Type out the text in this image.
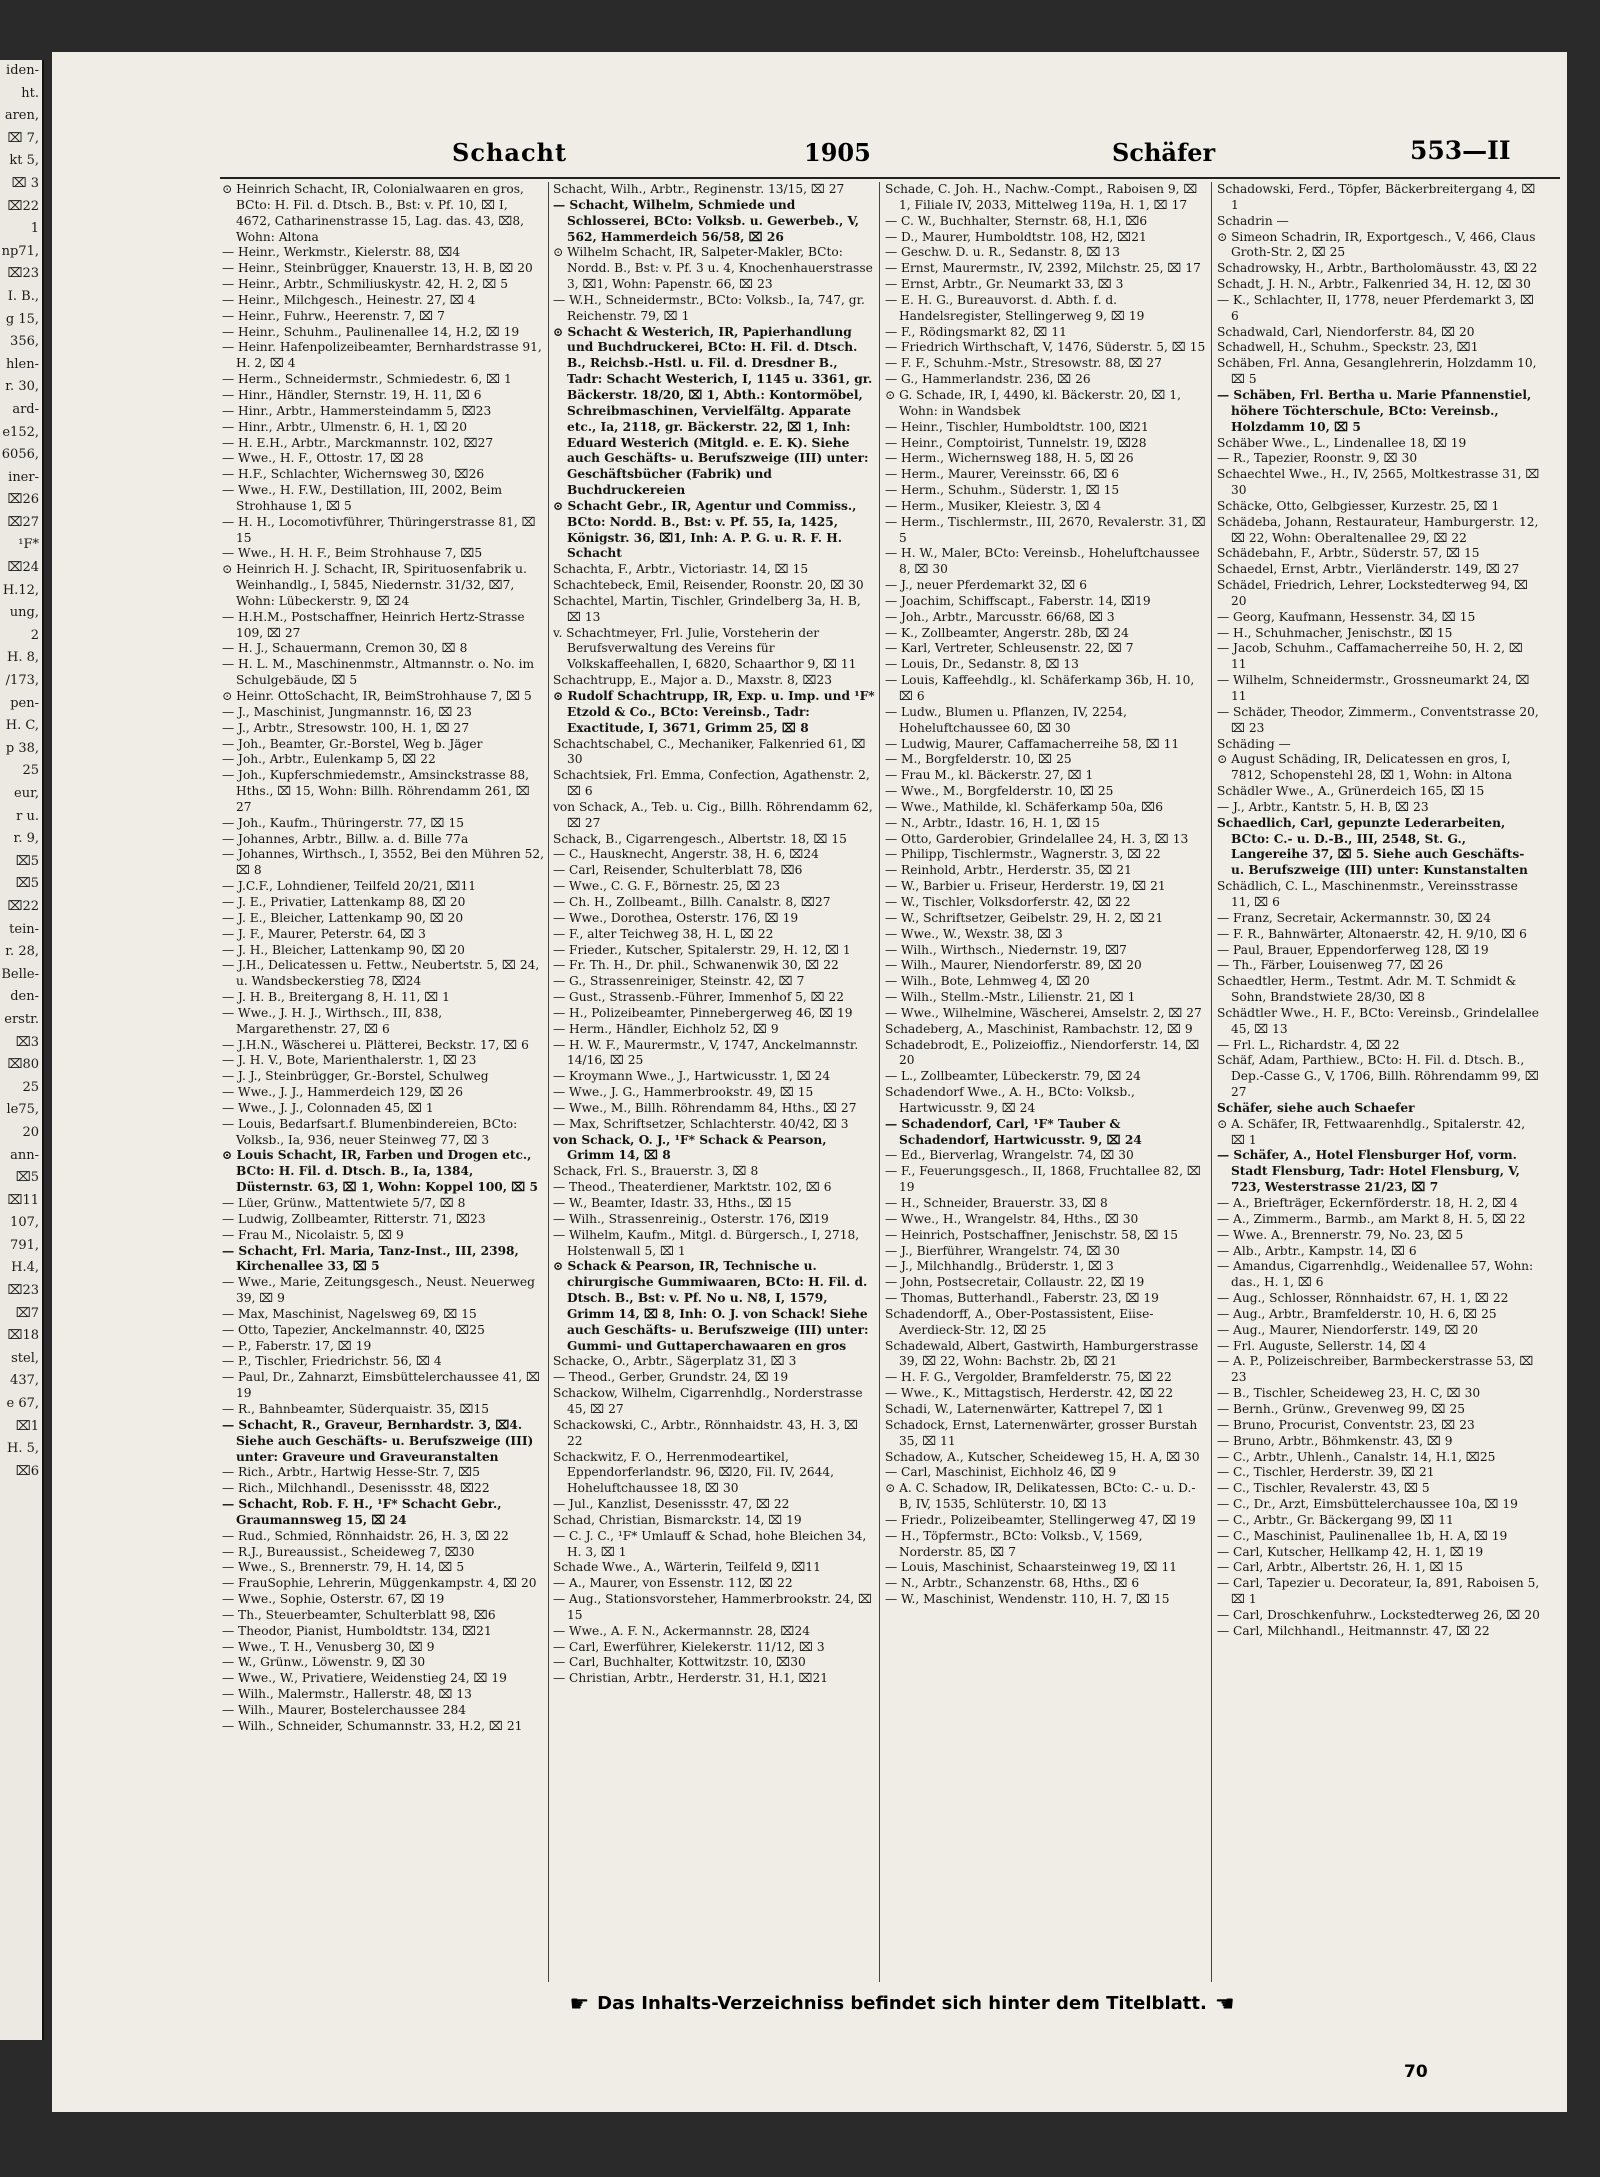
iden-
ht.
aren,
⌧ 7,
kt 5,
⌧ 3
⌧22
1
np71,
⌧23
I. B.,
g 15,
356,
hlen-
r. 30,
ard-
e152,
6056,
iner-
⌧26
⌧27
¹F*
⌧24
H.12,
ung,
2
H. 8,
/173,
pen-
H. C,
p 38,
25
eur,
r u.
r. 9,
⌧5
⌧5
⌧22
tein-
r. 28,
Belle-
den-
erstr.
⌧3
⌧80
25
le75,
20
ann-
⌧5
⌧11
107,
791,
H.4,
⌧23
⌧7
⌧18
stel,
437,
e 67,
⌧1
H. 5,
⌧6
Schacht	1905	Schäfer	553—II
⊙ Heinrich Schacht, IR, Colonialwaaren en gros, BCto: H. Fil. d. Dtsch. B., Bst: v. Pf. 10, ⌧ I, 4672, Catharinenstrasse 15, Lag. das. 43, ⌧8, Wohn: Altona
— Heinr., Werkmstr., Kielerstr. 88, ⌧4
— Heinr., Steinbrügger, Knauerstr. 13, H. B, ⌧ 20
— Heinr., Arbtr., Schmiliuskystr. 42, H. 2, ⌧ 5
— Heinr., Milchgesch., Heinestr. 27, ⌧ 4
— Heinr., Fuhrw., Heerenstr. 7, ⌧ 7
— Heinr., Schuhm., Paulinenallee 14, H.2, ⌧ 19
— Heinr. Hafenpolizeibeamter, Bernhardstrasse 91, H. 2, ⌧ 4
— Herm., Schneidermstr., Schmiedestr. 6, ⌧ 1
— Hinr., Händler, Sternstr. 19, H. 11, ⌧ 6
— Hinr., Arbtr., Hammersteindamm 5, ⌧23
— Hinr., Arbtr., Ulmenstr. 6, H. 1, ⌧ 20
— H. E.H., Arbtr., Marckmannstr. 102, ⌧27
— Wwe., H. F., Ottostr. 17, ⌧ 28
— H.F., Schlachter, Wichernsweg 30, ⌧26
— Wwe., H. F.W., Destillation, III, 2002, Beim Strohhause 1, ⌧ 5
— H. H., Locomotivführer, Thüringerstrasse 81, ⌧ 15
— Wwe., H. H. F., Beim Strohhause 7, ⌧5
⊙ Heinrich H. J. Schacht, IR, Spirituosenfabrik u. Weinhandlg., I, 5845, Niedernstr. 31/32, ⌧7, Wohn: Lübeckerstr. 9, ⌧ 24
— H.H.M., Postschaffner, Heinrich Hertz-Strasse 109, ⌧ 27
— H. J., Schauermann, Cremon 30, ⌧ 8
— H. L. M., Maschinenmstr., Altmannstr. o. No. im Schulgebäude, ⌧ 5
⊙ Heinr. OttoSchacht, IR, BeimStrohhause 7, ⌧ 5
— J., Maschinist, Jungmannstr. 16, ⌧ 23
— J., Arbtr., Stresowstr. 100, H. 1, ⌧ 27
— Joh., Beamter, Gr.-Borstel, Weg b. Jäger
— Joh., Arbtr., Eulenkamp 5, ⌧ 22
— Joh., Kupferschmiedemstr., Amsinckstrasse 88, Hths., ⌧ 15, Wohn: Billh. Röhrendamm 261, ⌧ 27
— Joh., Kaufm., Thüringerstr. 77, ⌧ 15
— Johannes, Arbtr., Billw. a. d. Bille 77a
— Johannes, Wirthsch., I, 3552, Bei den Mühren 52, ⌧ 8
— J.C.F., Lohndiener, Teilfeld 20/21, ⌧11
— J. E., Privatier, Lattenkamp 88, ⌧ 20
— J. E., Bleicher, Lattenkamp 90, ⌧ 20
— J. F., Maurer, Peterstr. 64, ⌧ 3
— J. H., Bleicher, Lattenkamp 90, ⌧ 20
— J.H., Delicatessen u. Fettw., Neubertstr. 5, ⌧ 24, u. Wandsbeckerstieg 78, ⌧24
— J. H. B., Breitergang 8, H. 11, ⌧ 1
— Wwe., J. H. J., Wirthsch., III, 838, Margarethenstr. 27, ⌧ 6
— J.H.N., Wäscherei u. Plätterei, Beckstr. 17, ⌧ 6
— J. H. V., Bote, Marienthalerstr. 1, ⌧ 23
— J. J., Steinbrügger, Gr.-Borstel, Schulweg
— Wwe., J. J., Hammerdeich 129, ⌧ 26
— Wwe., J. J., Colonnaden 45, ⌧ 1
— Louis, Bedarfsart.f. Blumenbindereien, BCto: Volksb., Ia, 936, neuer Steinweg 77, ⌧ 3
⊙ Louis Schacht, IR, Farben und Drogen etc., BCto: H. Fil. d. Dtsch. B., Ia, 1384, Düsternstr. 63, ⌧ 1, Wohn: Koppel 100, ⌧ 5
— Lüer, Grünw., Mattentwiete 5/7, ⌧ 8
— Ludwig, Zollbeamter, Ritterstr. 71, ⌧23
— Frau M., Nicolaistr. 5, ⌧ 9
— Schacht, Frl. Maria, Tanz-Inst., III, 2398, Kirchenallee 33, ⌧ 5
— Wwe., Marie, Zeitungsgesch., Neust. Neuerweg 39, ⌧ 9
— Max, Maschinist, Nagelsweg 69, ⌧ 15
— Otto, Tapezier, Anckelmannstr. 40, ⌧25
— P., Faberstr. 17, ⌧ 19
— P., Tischler, Friedrichstr. 56, ⌧ 4
— Paul, Dr., Zahnarzt, Eimsbüttelerchaussee 41, ⌧ 19
— R., Bahnbeamter, Süderquaistr. 35, ⌧15
— Schacht, R., Graveur, Bernhardstr. 3, ⌧4. Siehe auch Geschäfts- u. Berufszweige (III) unter: Graveure und Graveuranstalten
— Rich., Arbtr., Hartwig Hesse-Str. 7, ⌧5
— Rich., Milchhandl., Desenissstr. 48, ⌧22
— Schacht, Rob. F. H., ¹F* Schacht Gebr., Graumannsweg 15, ⌧ 24
— Rud., Schmied, Rönnhaidstr. 26, H. 3, ⌧ 22
— R.J., Bureaussist., Scheideweg 7, ⌧30
— Wwe., S., Brennerstr. 79, H. 14, ⌧ 5
— FrauSophie, Lehrerin, Müggenkampstr. 4, ⌧ 20
— Wwe., Sophie, Osterstr. 67, ⌧ 19
— Th., Steuerbeamter, Schulterblatt 98, ⌧6
— Theodor, Pianist, Humboldtstr. 134, ⌧21
— Wwe., T. H., Venusberg 30, ⌧ 9
— W., Grünw., Löwenstr. 9, ⌧ 30
— Wwe., W., Privatiere, Weidenstieg 24, ⌧ 19
— Wilh., Malermstr., Hallerstr. 48, ⌧ 13
— Wilh., Maurer, Bostelerchaussee 284
— Wilh., Schneider, Schumannstr. 33, H.2, ⌧ 21
Schacht, Wilh., Arbtr., Reginenstr. 13/15, ⌧ 27
— Schacht, Wilhelm, Schmiede und Schlosserei, BCto: Volksb. u. Gewerbeb., V, 562, Hammerdeich 56/58, ⌧ 26
⊙ Wilhelm Schacht, IR, Salpeter-Makler, BCto: Nordd. B., Bst: v. Pf. 3 u. 4, Knochenhauerstrasse 3, ⌧1, Wohn: Papenstr. 66, ⌧ 23
— W.H., Schneidermstr., BCto: Volksb., Ia, 747, gr. Reichenstr. 79, ⌧ 1
⊙ Schacht & Westerich, IR, Papierhandlung und Buchdruckerei, BCto: H. Fil. d. Dtsch. B., Reichsb.-Hstl. u. Fil. d. Dresdner B., Tadr: Schacht Westerich, I, 1145 u. 3361, gr. Bäckerstr. 18/20, ⌧ 1, Abth.: Kontormöbel, Schreibmaschinen, Vervielfältg. Apparate etc., Ia, 2118, gr. Bäckerstr. 22, ⌧ 1, Inh: Eduard Westerich (Mitgld. e. E. K). Siehe auch Geschäfts- u. Berufszweige (III) unter: Geschäftsbücher (Fabrik) und Buchdruckereien
⊙ Schacht Gebr., IR, Agentur und Commiss., BCto: Nordd. B., Bst: v. Pf. 55, Ia, 1425, Königstr. 36, ⌧1, Inh: A. P. G. u. R. F. H. Schacht
Schachta, F., Arbtr., Victoriastr. 14, ⌧ 15
Schachtebeck, Emil, Reisender, Roonstr. 20, ⌧ 30
Schachtel, Martin, Tischler, Grindelberg 3a, H. B, ⌧ 13
v. Schachtmeyer, Frl. Julie, Vorsteherin der Berufsverwaltung des Vereins für Volkskaffeehallen, I, 6820, Schaarthor 9, ⌧ 11
Schachtrupp, E., Major a. D., Maxstr. 8, ⌧23
⊙ Rudolf Schachtrupp, IR, Exp. u. Imp. und ¹F* Etzold & Co., BCto: Vereinsb., Tadr: Exactitude, I, 3671, Grimm 25, ⌧ 8
Schachtschabel, C., Mechaniker, Falkenried 61, ⌧ 30
Schachtsiek, Frl. Emma, Confection, Agathenstr. 2, ⌧ 6
von Schack, A., Teb. u. Cig., Billh. Röhrendamm 62, ⌧ 27
Schack, B., Cigarrengesch., Albertstr. 18, ⌧ 15
— C., Hausknecht, Angerstr. 38, H. 6, ⌧24
— Carl, Reisender, Schulterblatt 78, ⌧6
— Wwe., C. G. F., Börnestr. 25, ⌧ 23
— Ch. H., Zollbeamt., Billh. Canalstr. 8, ⌧27
— Wwe., Dorothea, Osterstr. 176, ⌧ 19
— F., alter Teichweg 38, H. L, ⌧ 22
— Frieder., Kutscher, Spitalerstr. 29, H. 12, ⌧ 1
— Fr. Th. H., Dr. phil., Schwanenwik 30, ⌧ 22
— G., Strassenreiniger, Steinstr. 42, ⌧ 7
— Gust., Strassenb.-Führer, Immenhof 5, ⌧ 22
— H., Polizeibeamter, Pinnebergerweg 46, ⌧ 19
— Herm., Händler, Eichholz 52, ⌧ 9
— H. W. F., Maurermstr., V, 1747, Anckelmannstr. 14/16, ⌧ 25
— Kroymann Wwe., J., Hartwicusstr. 1, ⌧ 24
— Wwe., J. G., Hammerbrookstr. 49, ⌧ 15
— Wwe., M., Billh. Röhrendamm 84, Hths., ⌧ 27
— Max, Schriftsetzer, Schlachterstr. 40/42, ⌧ 3
von Schack, O. J., ¹F* Schack & Pearson, Grimm 14, ⌧ 8
Schack, Frl. S., Brauerstr. 3, ⌧ 8
— Theod., Theaterdiener, Marktstr. 102, ⌧ 6
— W., Beamter, Idastr. 33, Hths., ⌧ 15
— Wilh., Strassenreinig., Osterstr. 176, ⌧19
— Wilhelm, Kaufm., Mitgl. d. Bürgersch., I, 2718, Holstenwall 5, ⌧ 1
⊙ Schack & Pearson, IR, Technische u. chirurgische Gummiwaaren, BCto: H. Fil. d. Dtsch. B., Bst: v. Pf. No u. N8, I, 1579, Grimm 14, ⌧ 8, Inh: O. J. von Schack! Siehe auch Geschäfts- u. Berufszweige (III) unter: Gummi- und Guttaperchawaaren en gros
Schacke, O., Arbtr., Sägerplatz 31, ⌧ 3
— Theod., Gerber, Grundstr. 24, ⌧ 19
Schackow, Wilhelm, Cigarrenhdlg., Norderstrasse 45, ⌧ 27
Schackowski, C., Arbtr., Rönnhaidstr. 43, H. 3, ⌧ 22
Schackwitz, F. O., Herrenmodeartikel, Eppendorferlandstr. 96, ⌧20, Fil. IV, 2644, Hoheluftchaussee 18, ⌧ 30
— Jul., Kanzlist, Desenissstr. 47, ⌧ 22
Schad, Christian, Bismarckstr. 14, ⌧ 19
— C. J. C., ¹F* Umlauff & Schad, hohe Bleichen 34, H. 3, ⌧ 1
Schade Wwe., A., Wärterin, Teilfeld 9, ⌧11
— A., Maurer, von Essenstr. 112, ⌧ 22
— Aug., Stationsvorsteher, Hammerbrookstr. 24, ⌧ 15
— Wwe., A. F. N., Ackermannstr. 28, ⌧24
— Carl, Ewerführer, Kielekerstr. 11/12, ⌧ 3
— Carl, Buchhalter, Kottwitzstr. 10, ⌧30
— Christian, Arbtr., Herderstr. 31, H.1, ⌧21
Schade, C. Joh. H., Nachw.-Compt., Raboisen 9, ⌧ 1, Filiale IV, 2033, Mittelweg 119a, H. 1, ⌧ 17
— C. W., Buchhalter, Sternstr. 68, H.1, ⌧6
— D., Maurer, Humboldtstr. 108, H2, ⌧21
— Geschw. D. u. R., Sedanstr. 8, ⌧ 13
— Ernst, Maurermstr., IV, 2392, Milchstr. 25, ⌧ 17
— Ernst, Arbtr., Gr. Neumarkt 33, ⌧ 3
— E. H. G., Bureauvorst. d. Abth. f. d. Handelsregister, Stellingerweg 9, ⌧ 19
— F., Rödingsmarkt 82, ⌧ 11
— Friedrich Wirthschaft, V, 1476, Süderstr. 5, ⌧ 15
— F. F., Schuhm.-Mstr., Stresowstr. 88, ⌧ 27
— G., Hammerlandstr. 236, ⌧ 26
⊙ G. Schade, IR, I, 4490, kl. Bäckerstr. 20, ⌧ 1, Wohn: in Wandsbek
— Heinr., Tischler, Humboldtstr. 100, ⌧21
— Heinr., Comptoirist, Tunnelstr. 19, ⌧28
— Herm., Wichernsweg 188, H. 5, ⌧ 26
— Herm., Maurer, Vereinsstr. 66, ⌧ 6
— Herm., Schuhm., Süderstr. 1, ⌧ 15
— Herm., Musiker, Kleiestr. 3, ⌧ 4
— Herm., Tischlermstr., III, 2670, Revalerstr. 31, ⌧ 5
— H. W., Maler, BCto: Vereinsb., Hoheluftchaussee 8, ⌧ 30
— J., neuer Pferdemarkt 32, ⌧ 6
— Joachim, Schiffscapt., Faberstr. 14, ⌧19
— Joh., Arbtr., Marcusstr. 66/68, ⌧ 3
— K., Zollbeamter, Angerstr. 28b, ⌧ 24
— Karl, Vertreter, Schleusenstr. 22, ⌧ 7
— Louis, Dr., Sedanstr. 8, ⌧ 13
— Louis, Kaffeehdlg., kl. Schäferkamp 36b, H. 10, ⌧ 6
— Ludw., Blumen u. Pflanzen, IV, 2254, Hoheluftchaussee 60, ⌧ 30
— Ludwig, Maurer, Caffamacherreihe 58, ⌧ 11
— M., Borgfelderstr. 10, ⌧ 25
— Frau M., kl. Bäckerstr. 27, ⌧ 1
— Wwe., M., Borgfelderstr. 10, ⌧ 25
— Wwe., Mathilde, kl. Schäferkamp 50a, ⌧6
— N., Arbtr., Idastr. 16, H. 1, ⌧ 15
— Otto, Garderobier, Grindelallee 24, H. 3, ⌧ 13
— Philipp, Tischlermstr., Wagnerstr. 3, ⌧ 22
— Reinhold, Arbtr., Herderstr. 35, ⌧ 21
— W., Barbier u. Friseur, Herderstr. 19, ⌧ 21
— W., Tischler, Volksdorferstr. 42, ⌧ 22
— W., Schriftsetzer, Geibelstr. 29, H. 2, ⌧ 21
— Wwe., W., Wexstr. 38, ⌧ 3
— Wilh., Wirthsch., Niedernstr. 19, ⌧7
— Wilh., Maurer, Niendorferstr. 89, ⌧ 20
— Wilh., Bote, Lehmweg 4, ⌧ 20
— Wilh., Stellm.-Mstr., Lilienstr. 21, ⌧ 1
— Wwe., Wilhelmine, Wäscherei, Amselstr. 2, ⌧ 27
Schadeberg, A., Maschinist, Rambachstr. 12, ⌧ 9
Schadebrodt, E., Polizeioffiz., Niendorferstr. 14, ⌧ 20
— L., Zollbeamter, Lübeckerstr. 79, ⌧ 24
Schadendorf Wwe., A. H., BCto: Volksb., Hartwicusstr. 9, ⌧ 24
— Schadendorf, Carl, ¹F* Tauber & Schadendorf, Hartwicusstr. 9, ⌧ 24
— Ed., Bierverlag, Wrangelstr. 74, ⌧ 30
— F., Feuerungsgesch., II, 1868, Fruchtallee 82, ⌧ 19
— H., Schneider, Brauerstr. 33, ⌧ 8
— Wwe., H., Wrangelstr. 84, Hths., ⌧ 30
— Heinrich, Postschaffner, Jenischstr. 58, ⌧ 15
— J., Bierführer, Wrangelstr. 74, ⌧ 30
— J., Milchhandlg., Brüderstr. 1, ⌧ 3
— John, Postsecretair, Collaustr. 22, ⌧ 19
— Thomas, Butterhandl., Faberstr. 23, ⌧ 19
Schadendorff, A., Ober-Postassistent, Eiise-Averdieck-Str. 12, ⌧ 25
Schadewald, Albert, Gastwirth, Hamburgerstrasse 39, ⌧ 22, Wohn: Bachstr. 2b, ⌧ 21
— H. F. G., Vergolder, Bramfelderstr. 75, ⌧ 22
— Wwe., K., Mittagstisch, Herderstr. 42, ⌧ 22
Schadi, W., Laternenwärter, Kattrepel 7, ⌧ 1
Schadock, Ernst, Laternenwärter, grosser Burstah 35, ⌧ 11
Schadow, A., Kutscher, Scheideweg 15, H. A, ⌧ 30
— Carl, Maschinist, Eichholz 46, ⌧ 9
⊙ A. C. Schadow, IR, Delikatessen, BCto: C.- u. D.-B, IV, 1535, Schlüterstr. 10, ⌧ 13
— Friedr., Polizeibeamter, Stellingerweg 47, ⌧ 19
— H., Töpfermstr., BCto: Volksb., V, 1569, Norderstr. 85, ⌧ 7
— Louis, Maschinist, Schaarsteinweg 19, ⌧ 11
— N., Arbtr., Schanzenstr. 68, Hths., ⌧ 6
— W., Maschinist, Wendenstr. 110, H. 7, ⌧ 15
Schadowski, Ferd., Töpfer, Bäckerbreitergang 4, ⌧ 1
Schadrin —
⊙ Simeon Schadrin, IR, Exportgesch., V, 466, Claus Groth-Str. 2, ⌧ 25
Schadrowsky, H., Arbtr., Bartholomäusstr. 43, ⌧ 22
Schadt, J. H. N., Arbtr., Falkenried 34, H. 12, ⌧ 30
— K., Schlachter, II, 1778, neuer Pferdemarkt 3, ⌧ 6
Schadwald, Carl, Niendorferstr. 84, ⌧ 20
Schadwell, H., Schuhm., Speckstr. 23, ⌧1
Schäben, Frl. Anna, Gesanglehrerin, Holzdamm 10, ⌧ 5
— Schäben, Frl. Bertha u. Marie Pfannenstiel, höhere Töchterschule, BCto: Vereinsb., Holzdamm 10, ⌧ 5
Schäber Wwe., L., Lindenallee 18, ⌧ 19
— R., Tapezier, Roonstr. 9, ⌧ 30
Schaechtel Wwe., H., IV, 2565, Moltkestrasse 31, ⌧ 30
Schäcke, Otto, Gelbgiesser, Kurzestr. 25, ⌧ 1
Schädeba, Johann, Restaurateur, Hamburgerstr. 12, ⌧ 22, Wohn: Oberaltenallee 29, ⌧ 22
Schädebahn, F., Arbtr., Süderstr. 57, ⌧ 15
Schaedel, Ernst, Arbtr., Vierländerstr. 149, ⌧ 27
Schädel, Friedrich, Lehrer, Lockstedterweg 94, ⌧ 20
— Georg, Kaufmann, Hessenstr. 34, ⌧ 15
— H., Schuhmacher, Jenischstr., ⌧ 15
— Jacob, Schuhm., Caffamacherreihe 50, H. 2, ⌧ 11
— Wilhelm, Schneidermstr., Grossneumarkt 24, ⌧ 11
— Schäder, Theodor, Zimmerm., Conventstrasse 20, ⌧ 23
Schäding —
⊙ August Schäding, IR, Delicatessen en gros, I, 7812, Schopenstehl 28, ⌧ 1, Wohn: in Altona
Schädler Wwe., A., Grünerdeich 165, ⌧ 15
— J., Arbtr., Kantstr. 5, H. B, ⌧ 23
Schaedlich, Carl, gepunzte Lederarbeiten, BCto: C.- u. D.-B., III, 2548, St. G., Langereihe 37, ⌧ 5. Siehe auch Geschäfts- u. Berufszweige (III) unter: Kunstanstalten
Schädlich, C. L., Maschinenmstr., Vereinsstrasse 11, ⌧ 6
— Franz, Secretair, Ackermannstr. 30, ⌧ 24
— F. R., Bahnwärter, Altonaerstr. 42, H. 9/10, ⌧ 6
— Paul, Brauer, Eppendorferweg 128, ⌧ 19
— Th., Färber, Louisenweg 77, ⌧ 26
Schaedtler, Herm., Testmt. Adr. M. T. Schmidt & Sohn, Brandstwiete 28/30, ⌧ 8
Schädtler Wwe., H. F., BCto: Vereinsb., Grindelallee 45, ⌧ 13
— Frl. L., Richardstr. 4, ⌧ 22
Schäf, Adam, Parthiew., BCto: H. Fil. d. Dtsch. B., Dep.-Casse G., V, 1706, Billh. Röhrendamm 99, ⌧ 27
Schäfer, siehe auch Schaefer
⊙ A. Schäfer, IR, Fettwaarenhdlg., Spitalerstr. 42, ⌧ 1
— Schäfer, A., Hotel Flensburger Hof, vorm. Stadt Flensburg, Tadr: Hotel Flensburg, V, 723, Westerstrasse 21/23, ⌧ 7
— A., Briefträger, Eckernförderstr. 18, H. 2, ⌧ 4
— A., Zimmerm., Barmb., am Markt 8, H. 5, ⌧ 22
— Wwe. A., Brennerstr. 79, No. 23, ⌧ 5
— Alb., Arbtr., Kampstr. 14, ⌧ 6
— Amandus, Cigarrenhdlg., Weidenallee 57, Wohn: das., H. 1, ⌧ 6
— Aug., Schlosser, Rönnhaidstr. 67, H. 1, ⌧ 22
— Aug., Arbtr., Bramfelderstr. 10, H. 6, ⌧ 25
— Aug., Maurer, Niendorferstr. 149, ⌧ 20
— Frl. Auguste, Sellerstr. 14, ⌧ 4
— A. P., Polizeischreiber, Barmbeckerstrasse 53, ⌧ 23
— B., Tischler, Scheideweg 23, H. C, ⌧ 30
— Bernh., Grünw., Grevenweg 99, ⌧ 25
— Bruno, Procurist, Conventstr. 23, ⌧ 23
— Bruno, Arbtr., Böhmkenstr. 43, ⌧ 9
— C., Arbtr., Uhlenh., Canalstr. 14, H.1, ⌧25
— C., Tischler, Herderstr. 39, ⌧ 21
— C., Tischler, Revalerstr. 43, ⌧ 5
— C., Dr., Arzt, Eimsbüttelerchaussee 10a, ⌧ 19
— C., Arbtr., Gr. Bäckergang 99, ⌧ 11
— C., Maschinist, Paulinenallee 1b, H. A, ⌧ 19
— Carl, Kutscher, Hellkamp 42, H. 1, ⌧ 19
— Carl, Arbtr., Albertstr. 26, H. 1, ⌧ 15
— Carl, Tapezier u. Decorateur, Ia, 891, Raboisen 5, ⌧ 1
— Carl, Droschkenfuhrw., Lockstedterweg 26, ⌧ 20
— Carl, Milchhandl., Heitmannstr. 47, ⌧ 22
☛ Das Inhalts-Verzeichniss befindet sich hinter dem Titelblatt. ☚
70
